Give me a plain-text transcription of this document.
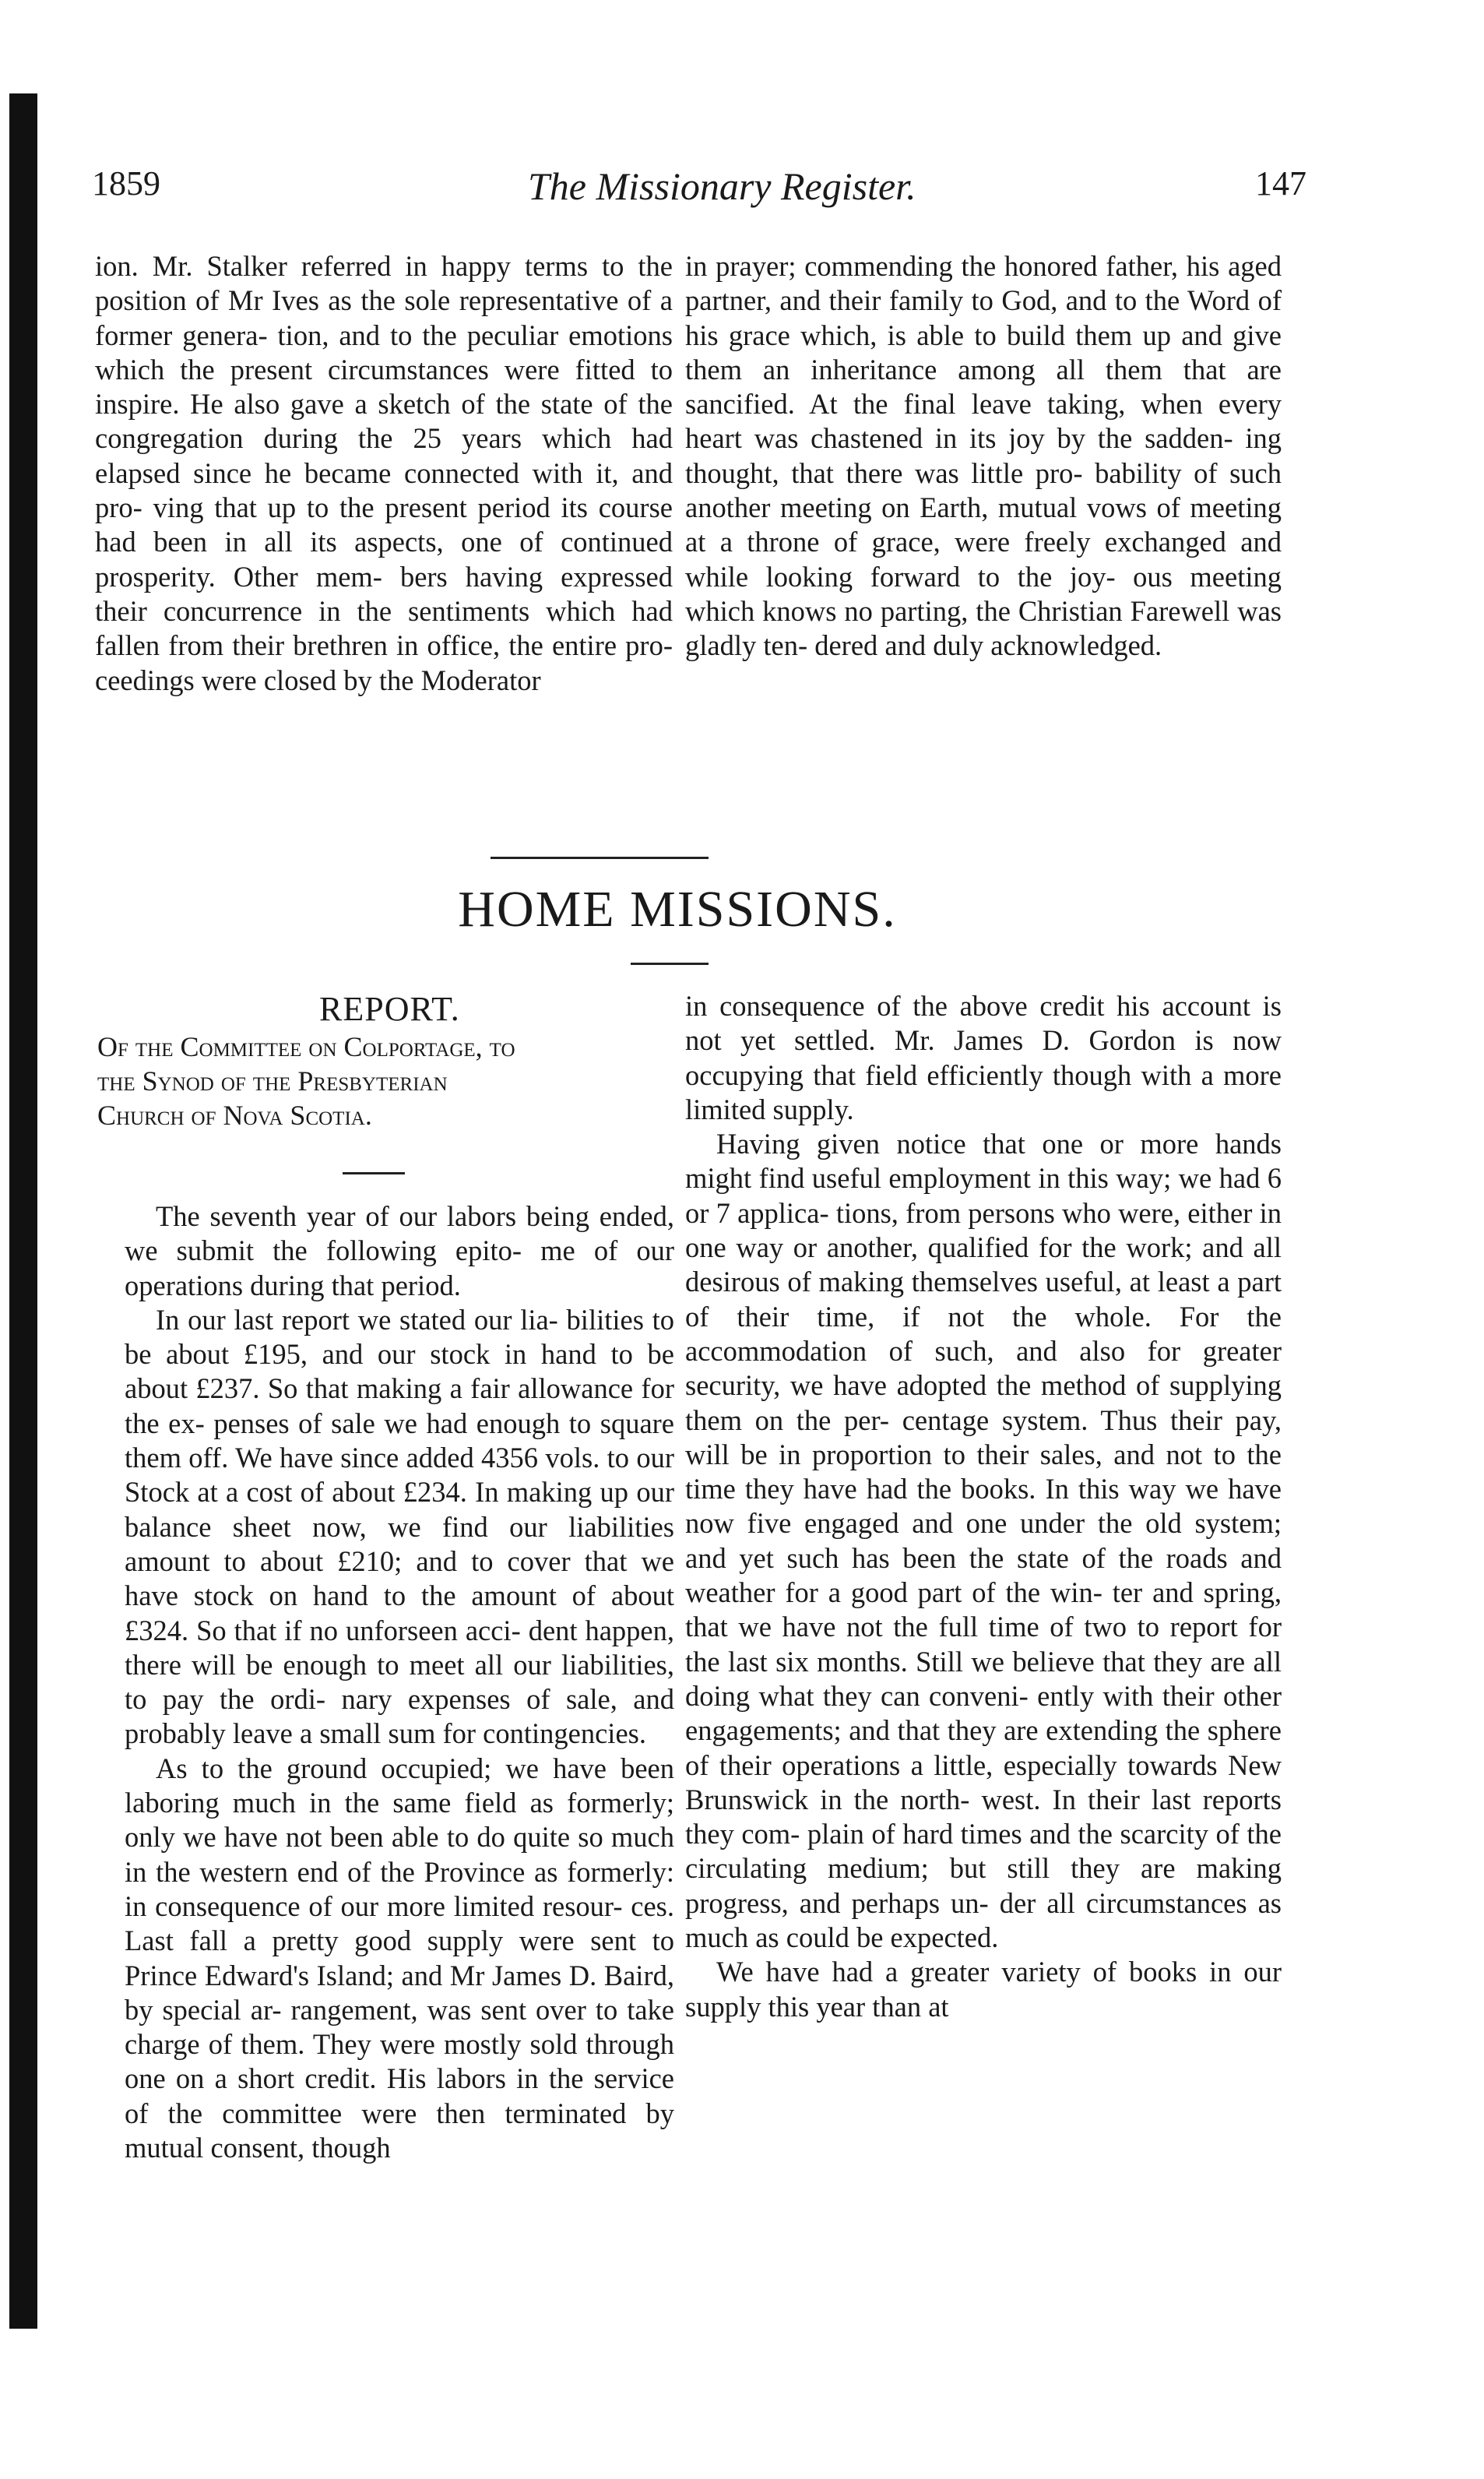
1859	The Missionary Register.	147

ion. Mr. Stalker referred in happy terms to the position of Mr Ives as the sole representative of a former genera- tion, and to the peculiar emotions which the present circumstances were fitted to inspire. He also gave a sketch of the state of the congregation during the 25 years which had elapsed since he became connected with it, and pro- ving that up to the present period its course had been in all its aspects, one of continued prosperity. Other mem- bers having expressed their concurrence in the sentiments which had fallen from their brethren in office, the entire pro- ceedings were closed by the Moderator

in prayer; commending the honored father, his aged partner, and their family to God, and to the Word of his grace which, is able to build them up and give them an inheritance among all them that are sancified. At the final leave taking, when every heart was chastened in its joy by the sadden- ing thought, that there was little pro- bability of such another meeting on Earth, mutual vows of meeting at a throne of grace, were freely exchanged and while looking forward to the joy- ous meeting which knows no parting, the Christian Farewell was gladly ten- dered and duly acknowledged.

HOME MISSIONS.
REPORT.
Of the Committee on Colportage, to
the Synod of the Presbyterian
Church of Nova Scotia.

The seventh year of our labors being ended, we submit the following epito- me of our operations during that period.

In our last report we stated our lia- bilities to be about £195, and our stock in hand to be about £237. So that making a fair allowance for the ex- penses of sale we had enough to square them off. We have since added 4356 vols. to our Stock at a cost of about £234. In making up our balance sheet now, we find our liabilities amount to about £210; and to cover that we have stock on hand to the amount of about £324. So that if no unforseen acci- dent happen, there will be enough to meet all our liabilities, to pay the ordi- nary expenses of sale, and probably leave a small sum for contingencies.

As to the ground occupied; we have been laboring much in the same field as formerly; only we have not been able to do quite so much in the western end of the Province as formerly: in consequence of our more limited resour- ces. Last fall a pretty good supply were sent to Prince Edward's Island; and Mr James D. Baird, by special ar- rangement, was sent over to take charge of them. They were mostly sold through one on a short credit. His labors in the service of the committee were then terminated by mutual consent, though

in consequence of the above credit his account is not yet settled. Mr. James D. Gordon is now occupying that field efficiently though with a more limited supply.

Having given notice that one or more hands might find useful employment in this way; we had 6 or 7 applica- tions, from persons who were, either in one way or another, qualified for the work; and all desirous of making themselves useful, at least a part of their time, if not the whole. For the accommodation of such, and also for greater security, we have adopted the method of supplying them on the per- centage system. Thus their pay, will be in proportion to their sales, and not to the time they have had the books. In this way we have now five engaged and one under the old system; and yet such has been the state of the roads and weather for a good part of the win- ter and spring, that we have not the full time of two to report for the last six months. Still we believe that they are all doing what they can conveni- ently with their other engagements; and that they are extending the sphere of their operations a little, especially towards New Brunswick in the north- west. In their last reports they com- plain of hard times and the scarcity of the circulating medium; but still they are making progress, and perhaps un- der all circumstances as much as could be expected.

We have had a greater variety of books in our supply this year than at
